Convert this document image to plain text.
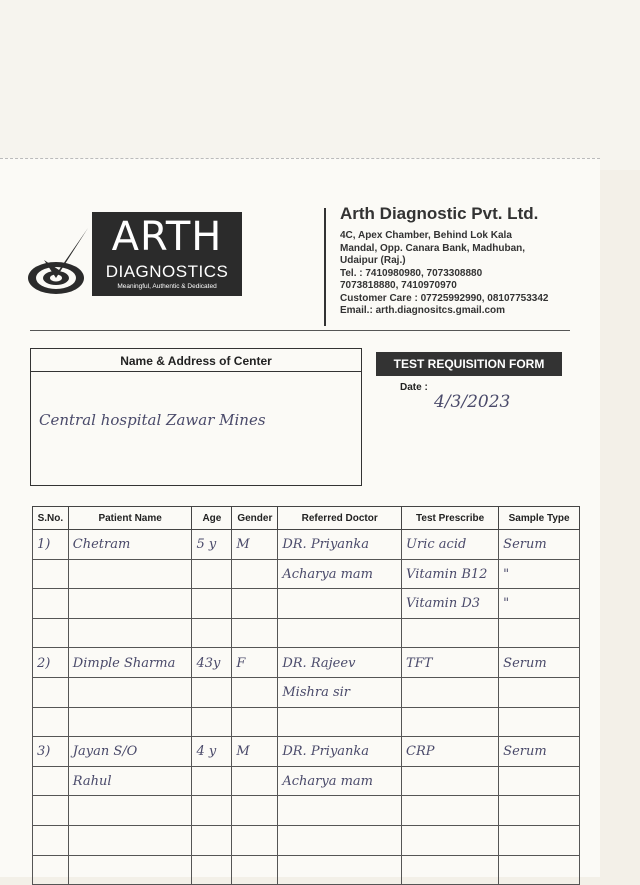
ARTH
DIAGNOSTICS
Meaningful, Authentic & Dedicated
Arth Diagnostic Pvt. Ltd.
4C, Apex Chamber, Behind Lok Kala
Mandal, Opp. Canara Bank, Madhuban,
Udaipur (Raj.)
Tel. : 7410980980, 7073308880
7073818880, 7410970970
Customer Care : 07725992990, 08107753342
Email.: arth.diagnositcs.gmail.com
Name & Address of Center
Central hospital Zawar Mines
TEST REQUISITION FORM
Date :
4/3/2023
S.No.	Patient Name	Age	Gender	Referred Doctor	Test Prescribe	Sample Type
1)	Chetram	5 y	M	DR. Priyanka	Uric acid	Serum
				Acharya mam	Vitamin B12	"
					Vitamin D3	"

2)	Dimple Sharma	43y	F	DR. Rajeev	TFT	Serum
				Mishra sir		

3)	Jayan S/O	4 y	M	DR. Priyanka	CRP	Serum
	Rahul			Acharya mam		
